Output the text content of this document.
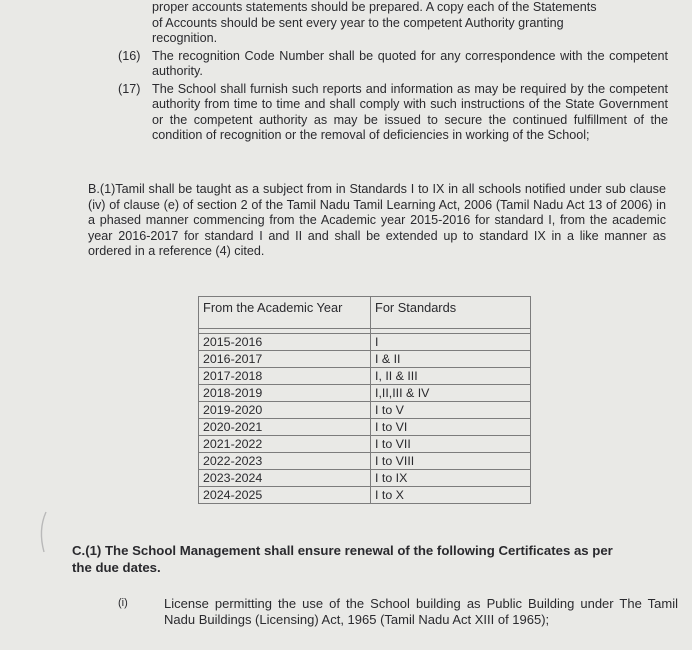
proper accounts statements should be prepared. A copy each of the Statements
of Accounts should be sent every year to the competent Authority granting
recognition.
(16) The recognition Code Number shall be quoted for any correspondence with the competent authority.
(17) The School shall furnish such reports and information as may be required by the competent authority from time to time and shall comply with such instructions of the State Government or the competent authority as may be issued to secure the continued fulfillment of the condition of recognition or the removal of deficiencies in working of the School;
B.(1)Tamil shall be taught as a subject from in Standards I to IX in all schools notified under sub clause (iv) of clause (e) of section 2 of the Tamil Nadu Tamil Learning Act, 2006 (Tamil Nadu Act 13 of 2006) in a phased manner commencing from the Academic year 2015-2016 for standard I, from the academic year 2016-2017 for standard I and II and shall be extended up to standard IX in a like manner as ordered in a reference (4) cited.
From the Academic Year	For Standards

2015-2016	I
2016-2017	I & II
2017-2018	I, II & III
2018-2019	I,II,III & IV
2019-2020	I to V
2020-2021	I to VI
2021-2022	I to VII
2022-2023	I to VIII
2023-2024	I to IX
2024-2025	I to X
C.(1) The School Management shall ensure renewal of the following Certificates as per the due dates.
(i)	License permitting the use of the School building as Public Building under The Tamil Nadu Buildings (Licensing) Act, 1965 (Tamil Nadu Act XIII of 1965);
